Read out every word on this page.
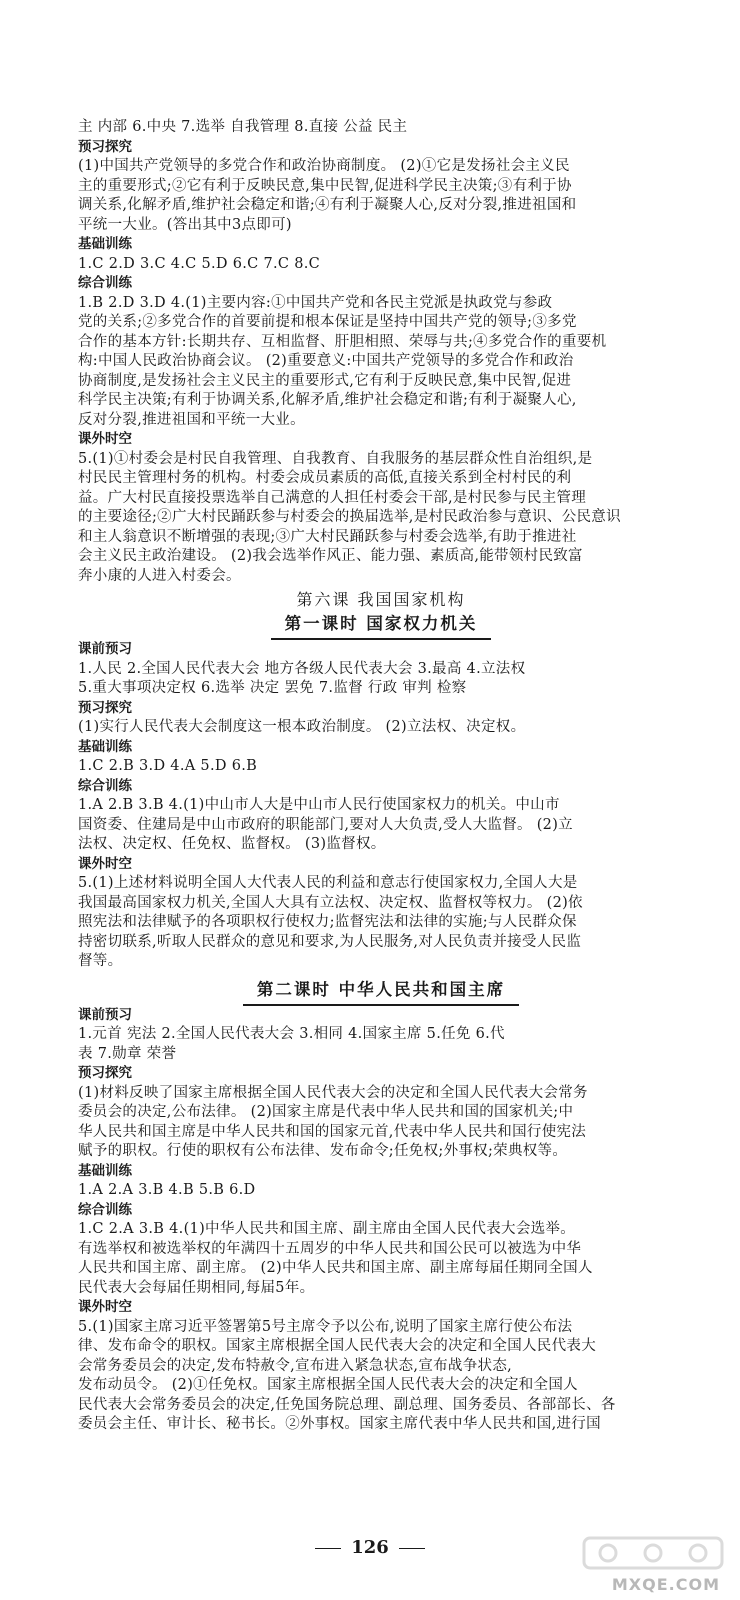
主 内部 6.中央 7.选举 自我管理 8.直接 公益 民主
预习探究
(1)中国共产党领导的多党合作和政治协商制度。 (2)①它是发扬社会主义民
主的重要形式;②它有利于反映民意,集中民智,促进科学民主决策;③有利于协
调关系,化解矛盾,维护社会稳定和谐;④有利于凝聚人心,反对分裂,推进祖国和
平统一大业。(答出其中3点即可)
基础训练
1.C 2.D 3.C 4.C 5.D 6.C 7.C 8.C
综合训练
1.B 2.D 3.D 4.(1)主要内容:①中国共产党和各民主党派是执政党与参政
党的关系;②多党合作的首要前提和根本保证是坚持中国共产党的领导;③多党
合作的基本方针:长期共存、互相监督、肝胆相照、荣辱与共;④多党合作的重要机
构:中国人民政治协商会议。 (2)重要意义:中国共产党领导的多党合作和政治
协商制度,是发扬社会主义民主的重要形式,它有利于反映民意,集中民智,促进
科学民主决策;有利于协调关系,化解矛盾,维护社会稳定和谐;有利于凝聚人心,
反对分裂,推进祖国和平统一大业。
课外时空
5.(1)①村委会是村民自我管理、自我教育、自我服务的基层群众性自治组织,是
村民民主管理村务的机构。村委会成员素质的高低,直接关系到全村村民的利
益。广大村民直接投票选举自己满意的人担任村委会干部,是村民参与民主管理
的主要途径;②广大村民踊跃参与村委会的换届选举,是村民政治参与意识、公民意识
和主人翁意识不断增强的表现;③广大村民踊跃参与村委会选举,有助于推进社
会主义民主政治建设。 (2)我会选举作风正、能力强、素质高,能带领村民致富
奔小康的人进入村委会。
第六课 我国国家机构
第一课时 国家权力机关
课前预习
1.人民 2.全国人民代表大会 地方各级人民代表大会 3.最高 4.立法权
5.重大事项决定权 6.选举 决定 罢免 7.监督 行政 审判 检察
预习探究
(1)实行人民代表大会制度这一根本政治制度。 (2)立法权、决定权。
基础训练
1.C 2.B 3.D 4.A 5.D 6.B
综合训练
1.A 2.B 3.B 4.(1)中山市人大是中山市人民行使国家权力的机关。中山市
国资委、住建局是中山市政府的职能部门,要对人大负责,受人大监督。 (2)立
法权、决定权、任免权、监督权。 (3)监督权。
课外时空
5.(1)上述材料说明全国人大代表人民的利益和意志行使国家权力,全国人大是
我国最高国家权力机关,全国人大具有立法权、决定权、监督权等权力。 (2)依
照宪法和法律赋予的各项职权行使权力;监督宪法和法律的实施;与人民群众保
持密切联系,听取人民群众的意见和要求,为人民服务,对人民负责并接受人民监
督等。
第二课时 中华人民共和国主席
课前预习
1.元首 宪法 2.全国人民代表大会 3.相同 4.国家主席 5.任免 6.代
表 7.勋章 荣誉
预习探究
(1)材料反映了国家主席根据全国人民代表大会的决定和全国人民代表大会常务
委员会的决定,公布法律。 (2)国家主席是代表中华人民共和国的国家机关;中
华人民共和国主席是中华人民共和国的国家元首,代表中华人民共和国行使宪法
赋予的职权。行使的职权有公布法律、发布命令;任免权;外事权;荣典权等。
基础训练
1.A 2.A 3.B 4.B 5.B 6.D
综合训练
1.C 2.A 3.B 4.(1)中华人民共和国主席、副主席由全国人民代表大会选举。
有选举权和被选举权的年满四十五周岁的中华人民共和国公民可以被选为中华
人民共和国主席、副主席。 (2)中华人民共和国主席、副主席每届任期同全国人
民代表大会每届任期相同,每届5年。
课外时空
5.(1)国家主席习近平签署第5号主席令予以公布,说明了国家主席行使公布法
律、发布命令的职权。国家主席根据全国人民代表大会的决定和全国人民代表大
会常务委员会的决定,发布特赦令,宣布进入紧急状态,宣布战争状态,
发布动员令。 (2)①任免权。国家主席根据全国人民代表大会的决定和全国人
民代表大会常务委员会的决定,任免国务院总理、副总理、国务委员、各部部长、各
委员会主任、审计长、秘书长。②外事权。国家主席代表中华人民共和国,进行国
126
MXQE.COM
